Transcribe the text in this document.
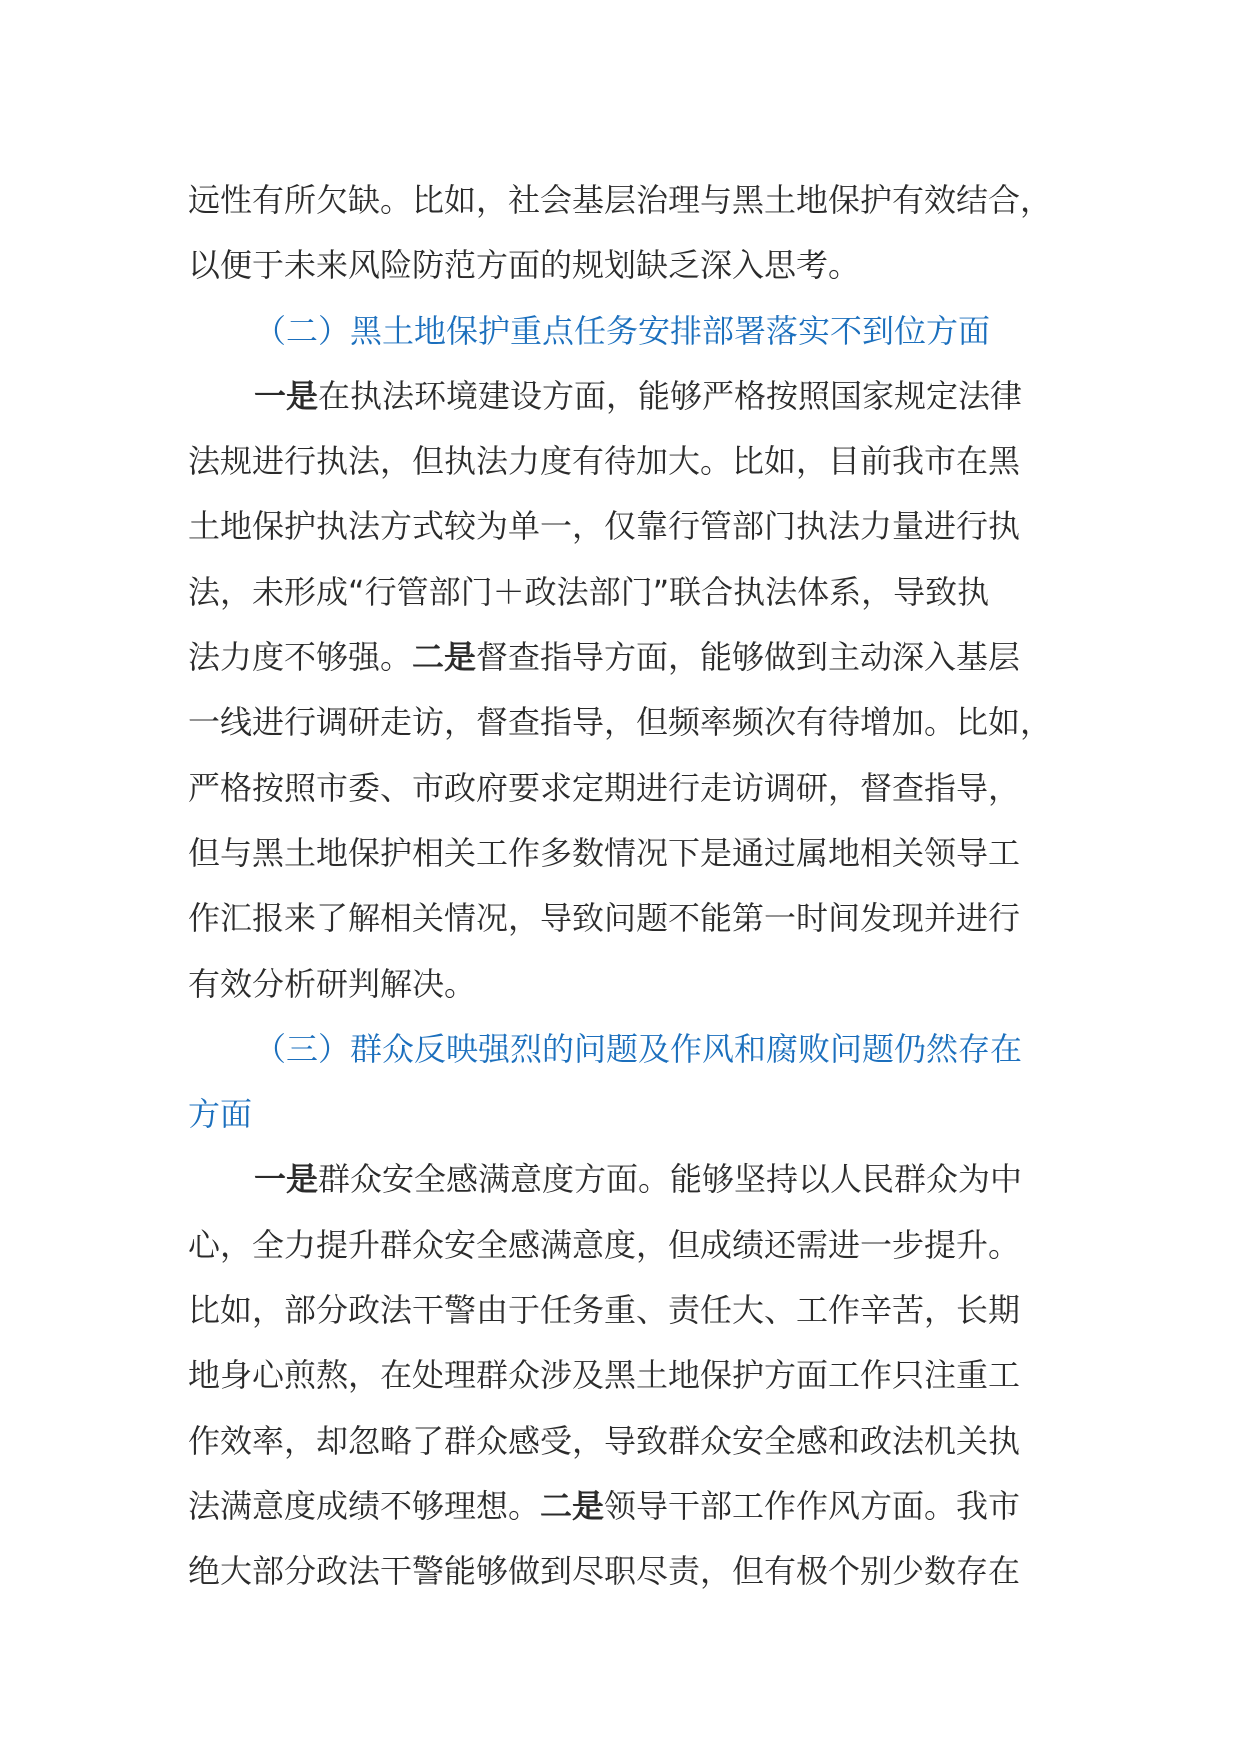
远性有所欠缺。比如，社会基层治理与黑土地保护有效结合，
以便于未来风险防范方面的规划缺乏深入思考。
（二）黑土地保护重点任务安排部署落实不到位方面
一是在执法环境建设方面，能够严格按照国家规定法律
法规进行执法，但执法力度有待加大。比如，目前我市在黑
土地保护执法方式较为单一，仅靠行管部门执法力量进行执
法，未形成“行管部门＋政法部门”联合执法体系，导致执
法力度不够强。二是督查指导方面，能够做到主动深入基层
一线进行调研走访，督查指导，但频率频次有待增加。比如，
严格按照市委、市政府要求定期进行走访调研，督查指导，
但与黑土地保护相关工作多数情况下是通过属地相关领导工
作汇报来了解相关情况，导致问题不能第一时间发现并进行
有效分析研判解决。
（三）群众反映强烈的问题及作风和腐败问题仍然存在
方面
一是群众安全感满意度方面。能够坚持以人民群众为中
心，全力提升群众安全感满意度，但成绩还需进一步提升。
比如，部分政法干警由于任务重、责任大、工作辛苦，长期
地身心煎熬，在处理群众涉及黑土地保护方面工作只注重工
作效率，却忽略了群众感受，导致群众安全感和政法机关执
法满意度成绩不够理想。二是领导干部工作作风方面。我市
绝大部分政法干警能够做到尽职尽责，但有极个别少数存在
